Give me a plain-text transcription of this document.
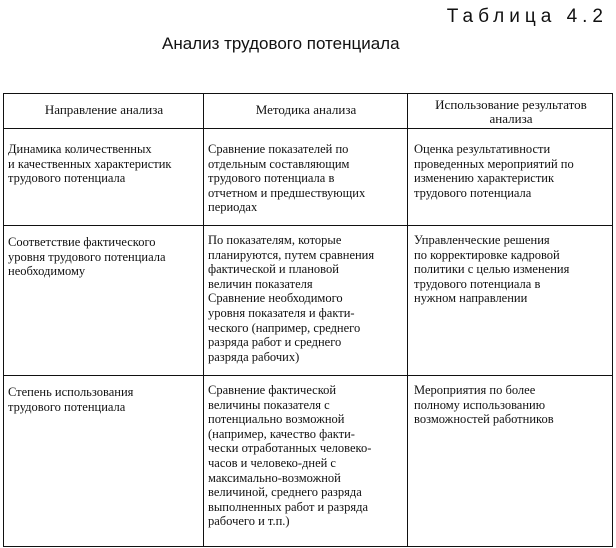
Таблица 4.2
Анализ трудового потенциала
Направление анализа	Методика анализа	Использование результатов
анализа
Динамика количественных
и качественных характеристик
трудового потенциала
Сравнение показателей по
отдельным составляющим
трудового потенциала в
отчетном и предшествующих
периодах
Оценка результативности
проведенных мероприятий по
изменению характеристик
трудового потенциала
Соответствие фактического
уровня трудового потенциала
необходимому
По показателям, которые
планируются, путем сравнения
фактической и плановой
величин показателя
Сравнение необходимого
уровня показателя и факти-
ческого (например, среднего
разряда работ и среднего
разряда рабочих)
Управленческие решения
по корректировке кадровой
политики с целью изменения
трудового потенциала в
нужном направлении
Степень использования
трудового потенциала
Сравнение фактической
величины показателя с
потенциально возможной
(например, качество факти-
чески отработанных человеко-
часов и человеко-дней с
максимально-возможной
величиной, среднего разряда
выполненных работ и разряда
рабочего и т.п.)
Мероприятия по более
полному использованию
возможностей работников
